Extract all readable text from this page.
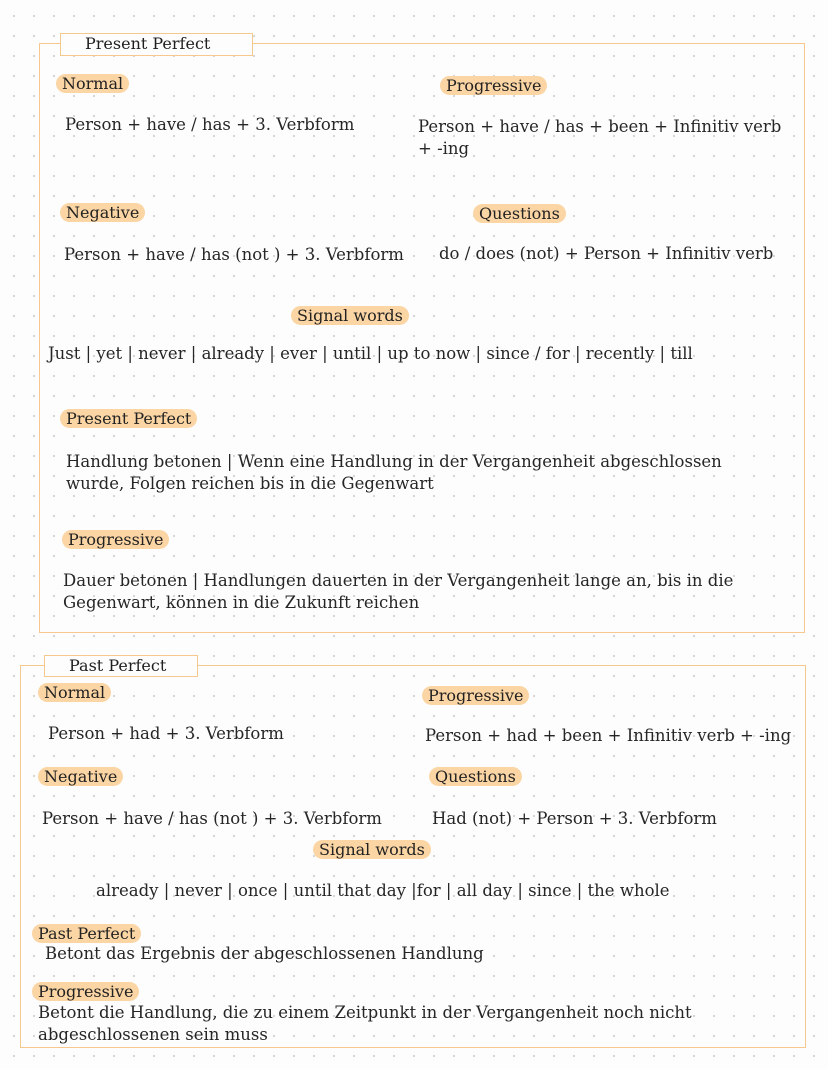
Present Perfect
Normal
Person + have / has + 3. Verbform
Progressive
Person + have / has + been + Infinitiv verb
+ -ing
Negative
Person + have / has (not ) + 3. Verbform
Questions
do / does (not) + Person + Infinitiv verb
Signal words
Just | yet | never | already | ever | until | up to now | since / for | recently | till
Present Perfect
Handlung betonen | Wenn eine Handlung in der Vergangenheit abgeschlossen
wurde, Folgen reichen bis in die Gegenwart
Progressive
Dauer betonen | Handlungen dauerten in der Vergangenheit lange an, bis in die
Gegenwart, können in die Zukunft reichen
Past Perfect
Normal
Person + had + 3. Verbform
Progressive
Person + had + been + Infinitiv verb + -ing
Negative
Person + have / has (not ) + 3. Verbform
Questions
Had (not) + Person + 3. Verbform
Signal words
already | never | once | until that day |for | all day | since | the whole
Past Perfect
Betont das Ergebnis der abgeschlossenen Handlung
Progressive
Betont die Handlung, die zu einem Zeitpunkt in der Vergangenheit noch nicht
abgeschlossenen sein muss
